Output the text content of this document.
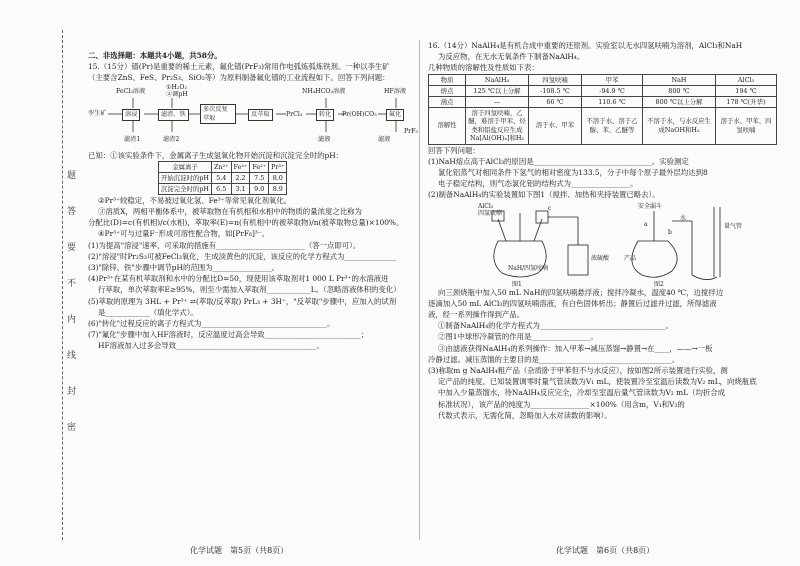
题
答
要
不
内
线
封
密

二、非选择题：本题共4小题，共58分。

15.（15分）镨(Pr)是重要的稀土元素，氟化镨(PrF₃)常用作电弧炼弧炼铁剂。一种以李生矿

（主要含ZnS、FeS、Pr₂S₃、SiO₂等）为原料制备氟化镨的工业流程如下。回答下列问题：

孪生矿
FeCl₃溶液
①H₂O₂
②调pH	NH₄HCO₃溶液	HF溶液
溶浸	滤渣、铁
多次反复萃取
反萃取	PrCl₃	转化	Pr(OH)CO₃	氟化
PrF₃
滤渣1	滤渣2	滤液	滤液

已知：①该实验条件下，金属离子生成氢氧化物开始沉淀和沉淀完全时的pH：

金属离子	Zn²⁺	Fe³⁺	Fe²⁺	Pr³⁺
开始沉淀时的pH	5.4	2.2	7.5	8.0
沉淀完全时的pH	6.5	3.1	9.0	8.9

②Pr³⁺较稳定，不易被过氧化氢、Fe³⁺等常见氧化剂氧化。

③溶质X，两相平衡体系中，被萃取物在有机相和水相中的物质的量浓度之比称为

分配比(D)=c(有机相)/c(水相)，萃取率(E)=n(有机相中的被萃取物)/n(被萃取物总量)×100%。

④Pr³⁺可与过量F⁻形成可溶性配合物，如[PrF₆]³⁻。

(1)为提高"溶浸"速率，可采取的措施有________________________（答一点即可）。

(2)"溶浸"时Pr₂S₃可被FeCl₃氧化，生成淡黄色的沉淀，该反应的化学方程式为______________

(3)"除锌、铁"步骤中调节pH的范围为________________。

(4)Pr³⁺在某有机萃取剂和水中的分配比D=50，现使用该萃取剂对1 000 L Pr³⁺的水溶液进

行萃取，单次萃取率E≥95%，则至少需加入萃取剂____________L。（忽略溶液体积的变化）

(5)萃取的原理为 3HL + Pr³⁺ ⇌(萃取/反萃取) PrL₃ + 3H⁺，"反萃取"步骤中，应加入的试剂

是____________（填化学式）。

(6)"转化"过程反应的离子方程式为__________________________________。

(7)"氟化"步骤中加入HF溶液时，反应温度过高会导致__________________________；

HF溶液加入过多会导致______________________________________。

16.（14分）NaAlH₄是有机合成中重要的还原剂。实验室以无水四氢呋喃为溶剂，AlCl₃和NaH

为反应物，在无水无氧条件下制备NaAlH₄。

几种物质的溶解性及性质如下表：

物质	NaAlH₄	四氢呋喃	甲苯	NaH	AlCl₃
熔点	125 ℃以上分解	-108.5 ℃	-94.9 ℃	800 ℃	194 ℃
沸点	—	66 ℃	110.6 ℃	800 ℃以上分解	178 ℃(升华)
溶解性	溶于四氢呋喃、乙醚，难溶于甲苯、烃类和铝盐反应生成Na[Al(OH)₄]和H₂	溶于水、甲苯	不溶于水、溶于乙醇、苯、乙醚等	不溶于水，与水反应生成NaOH和H₂	溶于水、甲苯、四氢呋喃

回答下列问题：

(1)NaH熔点高于AlCl₃的原因是________________________________。实验测定

氯化铝蒸气对相同条件下氢气的相对密度为133.5，分子中每个原子最外层均达到8

电子稳定结构，则气态氯化铝的结构式为________________。

(2)制备NaAlH₄的实验装置如下图1（搅拌、加热和夹持装置已略去）。

AlCl₃
四氢呋喃
c
NaH/四氢呋喃
浓硫酸
安全漏斗
a
b
水
产品
量气管
图1	图2

向三颈烧瓶中加入50 mL NaH的四氢呋喃悬浮液；搅拌冷凝水，温度40 ℃，边搅拌边

逐滴加入50 mL AlCl₃的四氢呋喃溶液，有白色固体析出；静置后过滤并过滤，所得滤液

液，经一系列操作得到产品。

①制备NaAlH₄的化学方程式为__________________________________。

②图1中球形冷凝管的作用是________________。

③由滤液获得NaAlH₄的系列操作：加入甲苯→减压蒸馏→静置→在____，——→一板

冷静过滤。减压蒸馏的主要目的是____________________________________。

(3)称取m g NaAlH₄粗产品（杂质卧于甲苯但不与水反应），按如图2所示装置进行实验，测

定产品的纯度。已知装置调零时量气管读数为V₁ mL，使装置冷至室温后读数为V₂ mL，向烧瓶底

中加入少量蒸馏水，待NaAlH₄反应完全，冷却至室温后量气管读数为V₂ mL（均折合成

标准状况），该产品的纯度为________________×100%（用含m，V₁和V₂的

代数式表示，无需化简，忽略加入水对读数的影响）。

化学试题　第5页（共8页）	化学试题　第6页（共8页）
